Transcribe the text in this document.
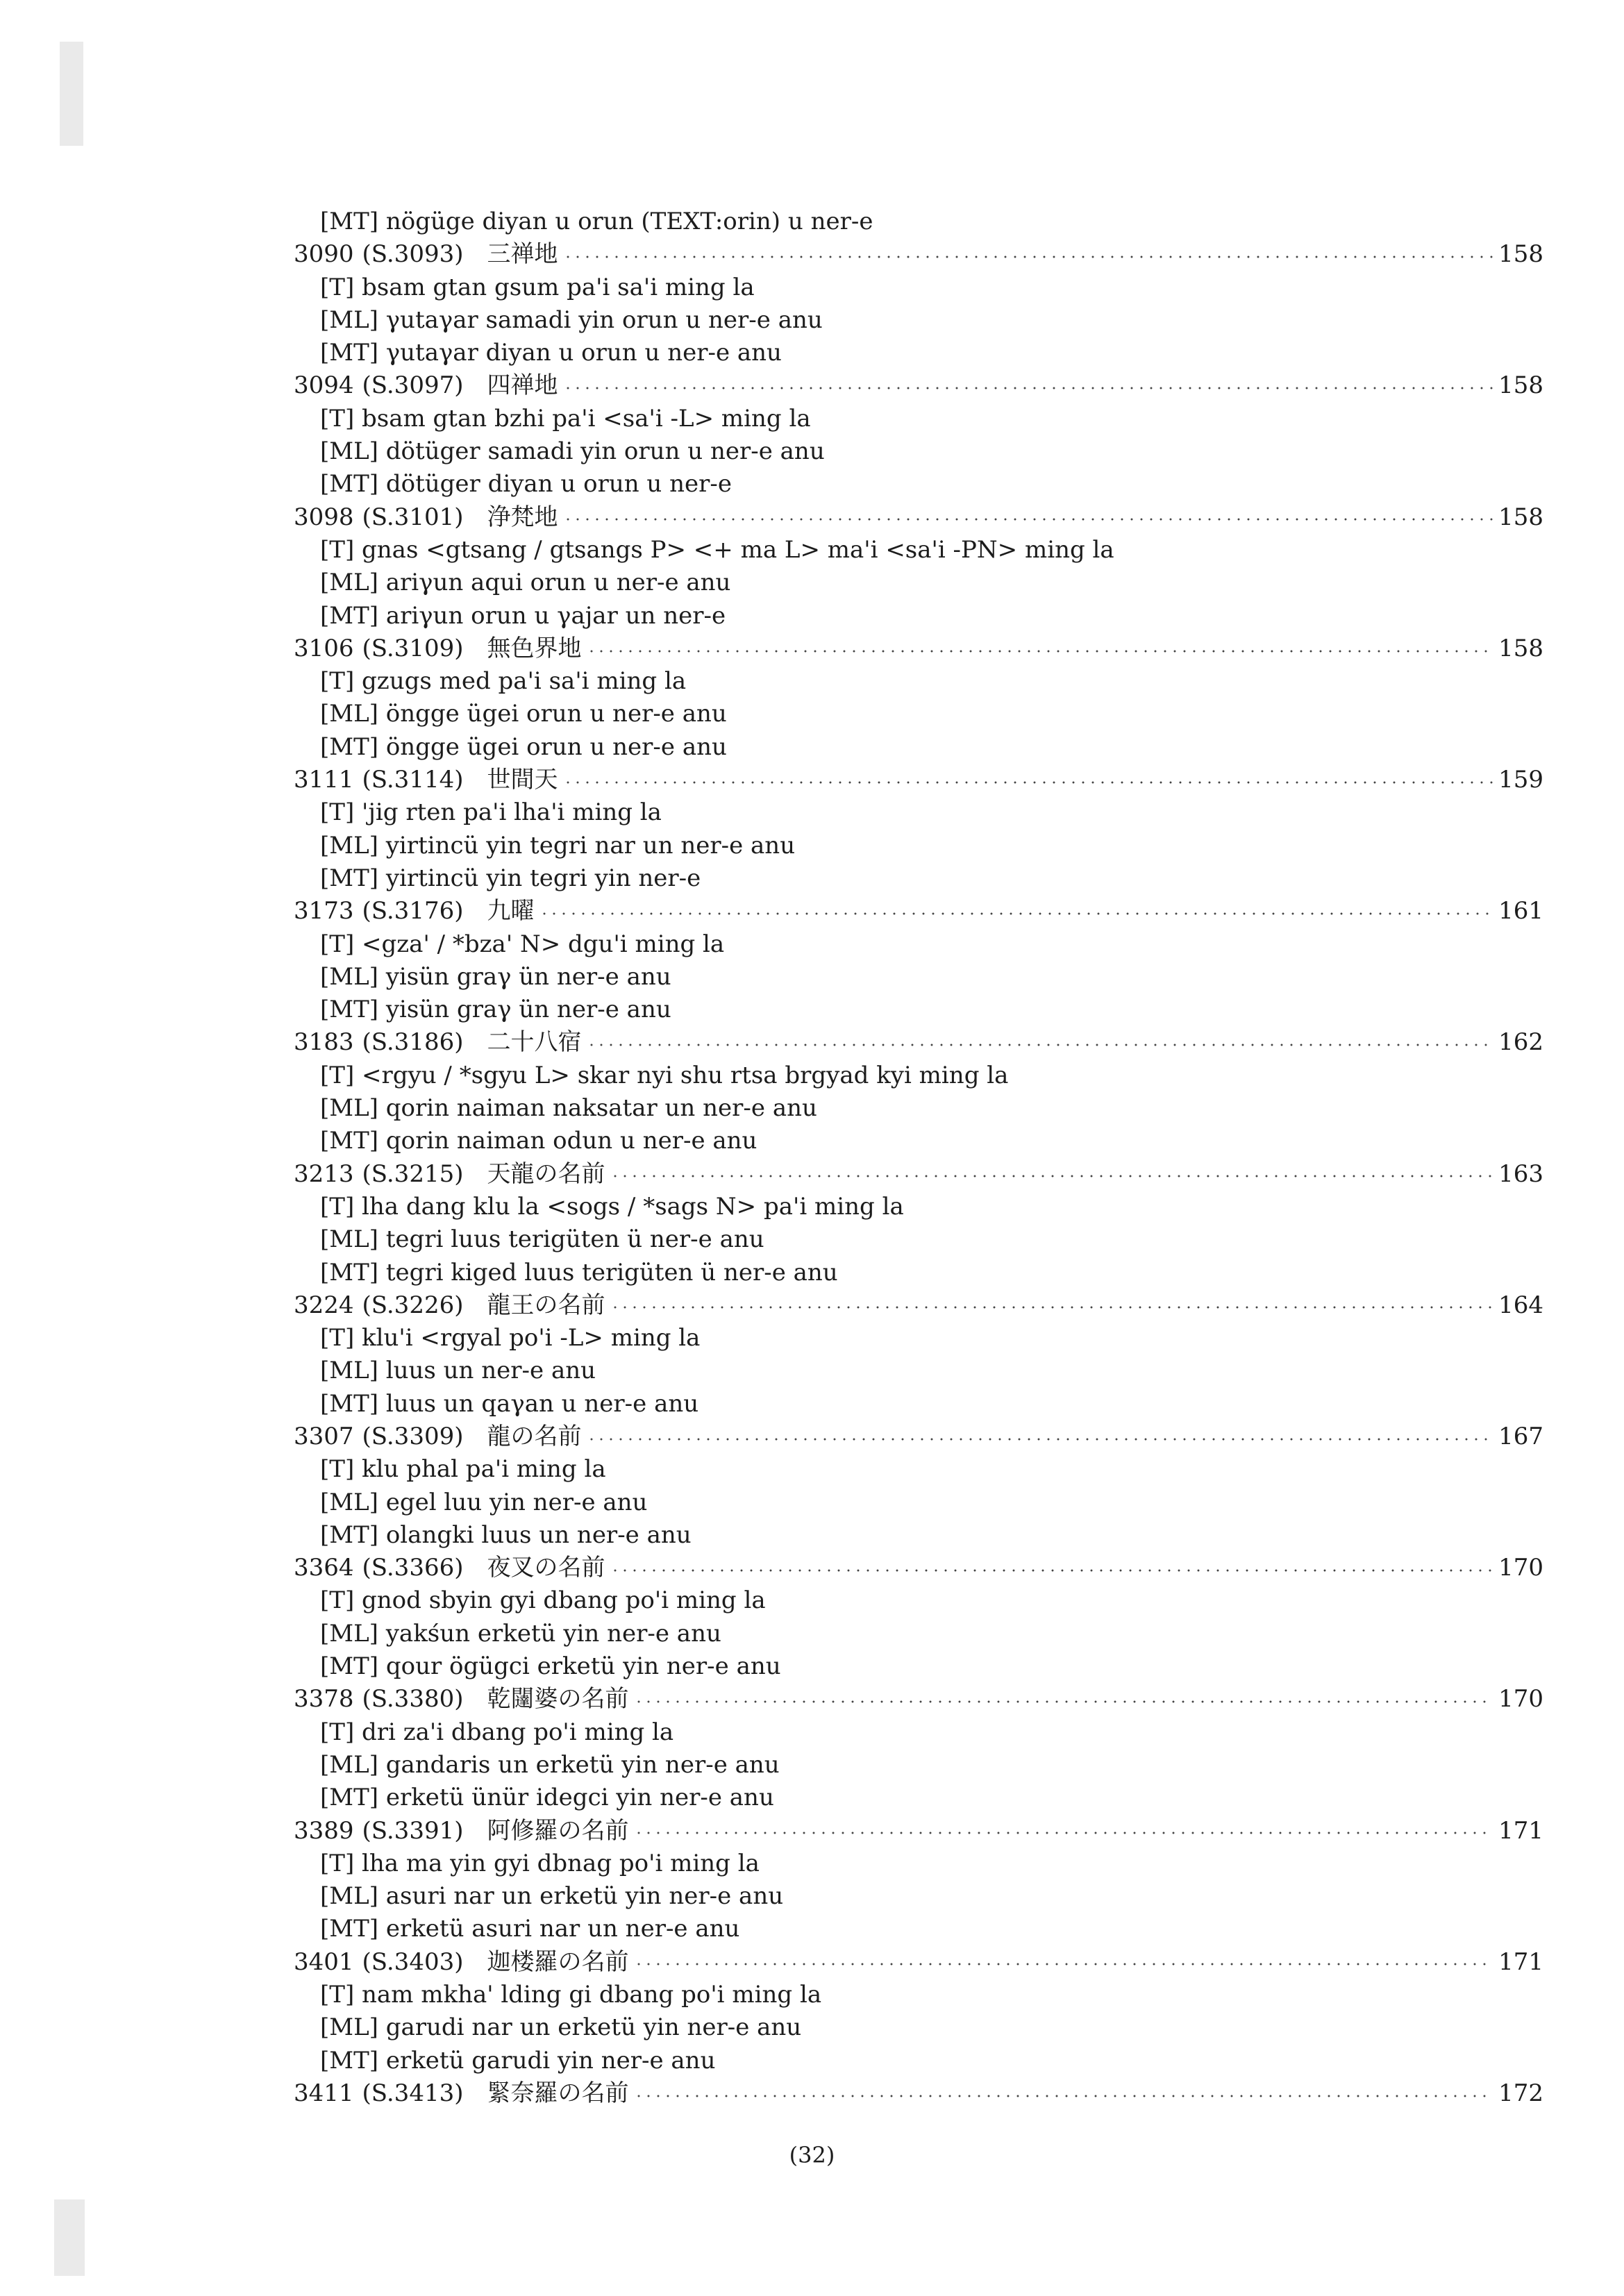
[MT] nögüge diyan u orun (TEXT:orin) u ner-e
3090 (S.3093) 三禅地	158
[T] bsam gtan gsum pa'i sa'i ming la
[ML] γutaγar samadi yin orun u ner-e anu
[MT] γutaγar diyan u orun u ner-e anu
3094 (S.3097) 四禅地	158
[T] bsam gtan bzhi pa'i <sa'i -L> ming la
[ML] dötüger samadi yin orun u ner-e anu
[MT] dötüger diyan u orun u ner-e
3098 (S.3101) 浄梵地	158
[T] gnas <gtsang / gtsangs P> <+ ma L> ma'i <sa'i -PN> ming la
[ML] ariγun aqui orun u ner-e anu
[MT] ariγun orun u γajar un ner-e
3106 (S.3109) 無色界地	158
[T] gzugs med pa'i sa'i ming la
[ML] öngge ügei orun u ner-e anu
[MT] öngge ügei orun u ner-e anu
3111 (S.3114) 世間天	159
[T] 'jig rten pa'i lha'i ming la
[ML] yirtincü yin tegri nar un ner-e anu
[MT] yirtincü yin tegri yin ner-e
3173 (S.3176) 九曜	161
[T] <gza' / *bza' N> dgu'i ming la
[ML] yisün graγ ün ner-e anu
[MT] yisün graγ ün ner-e anu
3183 (S.3186) 二十八宿	162
[T] <rgyu / *sgyu L> skar nyi shu rtsa brgyad kyi ming la
[ML] qorin naiman naksatar un ner-e anu
[MT] qorin naiman odun u ner-e anu
3213 (S.3215) 天龍の名前	163
[T] lha dang klu la <sogs / *sags N> pa'i ming la
[ML] tegri luus terigüten ü ner-e anu
[MT] tegri kiged luus terigüten ü ner-e anu
3224 (S.3226) 龍王の名前	164
[T] klu'i <rgyal po'i -L> ming la
[ML] luus un ner-e anu
[MT] luus un qaγan u ner-e anu
3307 (S.3309) 龍の名前	167
[T] klu phal pa'i ming la
[ML] egel luu yin ner-e anu
[MT] olangki luus un ner-e anu
3364 (S.3366) 夜叉の名前	170
[T] gnod sbyin gyi dbang po'i ming la
[ML] yakśun erketü yin ner-e anu
[MT] qour ögügci erketü yin ner-e anu
3378 (S.3380) 乾闥婆の名前	170
[T] dri za'i dbang po'i ming la
[ML] gandaris un erketü yin ner-e anu
[MT] erketü ünür idegci yin ner-e anu
3389 (S.3391) 阿修羅の名前	171
[T] lha ma yin gyi dbnag po'i ming la
[ML] asuri nar un erketü yin ner-e anu
[MT] erketü asuri nar un ner-e anu
3401 (S.3403) 迦楼羅の名前	171
[T] nam mkha' lding gi dbang po'i ming la
[ML] garudi nar un erketü yin ner-e anu
[MT] erketü garudi yin ner-e anu
3411 (S.3413) 緊奈羅の名前	172
(32)
